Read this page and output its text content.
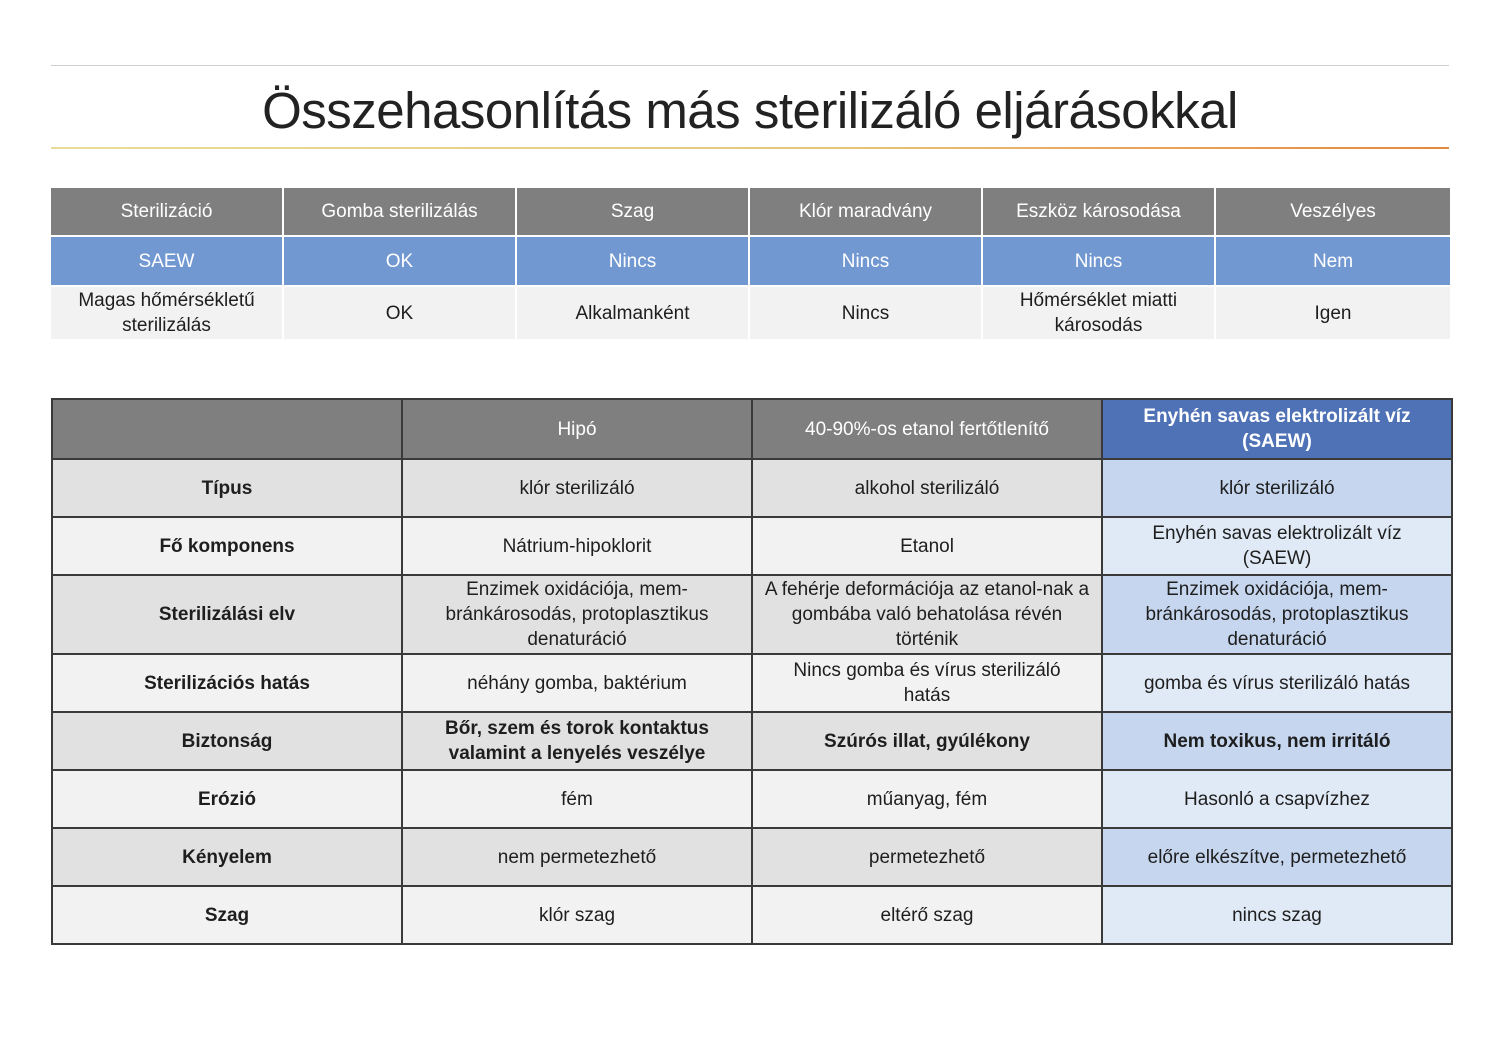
Összehasonlítás más sterilizáló eljárásokkal
Sterilizáció	Gomba sterilizálás	Szag	Klór maradvány	Eszköz károsodása	Veszélyes
SAEW	OK	Nincs	Nincs	Nincs	Nem
Magas hőmérsékletű sterilizálás	OK	Alkalmanként	Nincs	Hőmérséklet miatti károsodás	Igen
	Hipó	40-90%-os etanol fertőtlenítő	Enyhén savas elektrolizált víz (SAEW)
Típus	klór sterilizáló	alkohol sterilizáló	klór sterilizáló
Fő komponens	Nátrium-hipoklorit	Etanol	Enyhén savas elektrolizált víz (SAEW)
Sterilizálási elv	Enzimek oxidációja, mem-bránkárosodás, protoplasztikus denaturáció	A fehérje deformációja az etanol-nak a gombába való behatolása révén történik	Enzimek oxidációja, mem-bránkárosodás, protoplasztikus denaturáció
Sterilizációs hatás	néhány gomba, baktérium	Nincs gomba és vírus sterilizáló hatás	gomba és vírus sterilizáló hatás
Biztonság	Bőr, szem és torok kontaktus valamint a lenyelés veszélye	Szúrós illat, gyúlékony	Nem toxikus, nem irritáló
Erózió	fém	műanyag, fém	Hasonló a csapvízhez
Kényelem	nem permetezhető	permetezhető	előre elkészítve, permetezhető
Szag	klór szag	eltérő szag	nincs szag
